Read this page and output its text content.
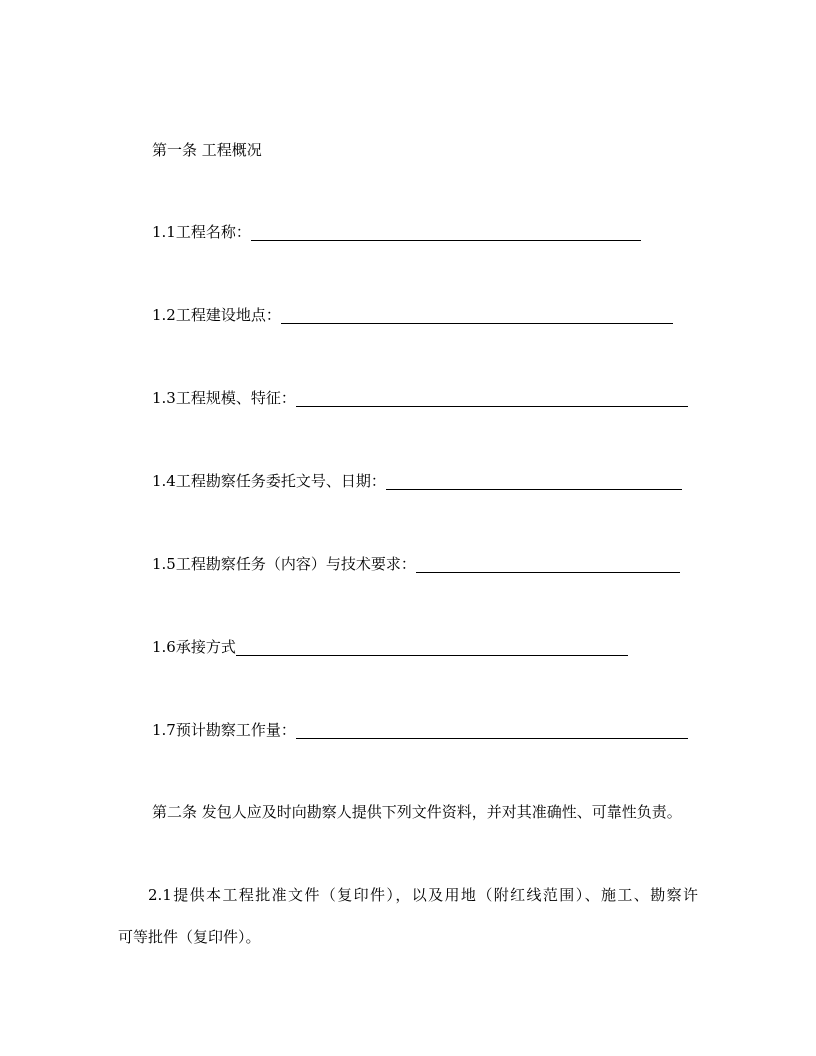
第一条 工程概况
1.1工程名称：
1.2工程建设地点：
1.3工程规模、特征：
1.4工程勘察任务委托文号、日期：
1.5工程勘察任务（内容）与技术要求：
1.6承接方式
1.7预计勘察工作量：
第二条 发包人应及时向勘察人提供下列文件资料，并对其准确性、可靠性负责。
2.1提供本工程批准文件（复印件），以及用地（附红线范围）、施工、勘察许
可等批件（复印件）。
